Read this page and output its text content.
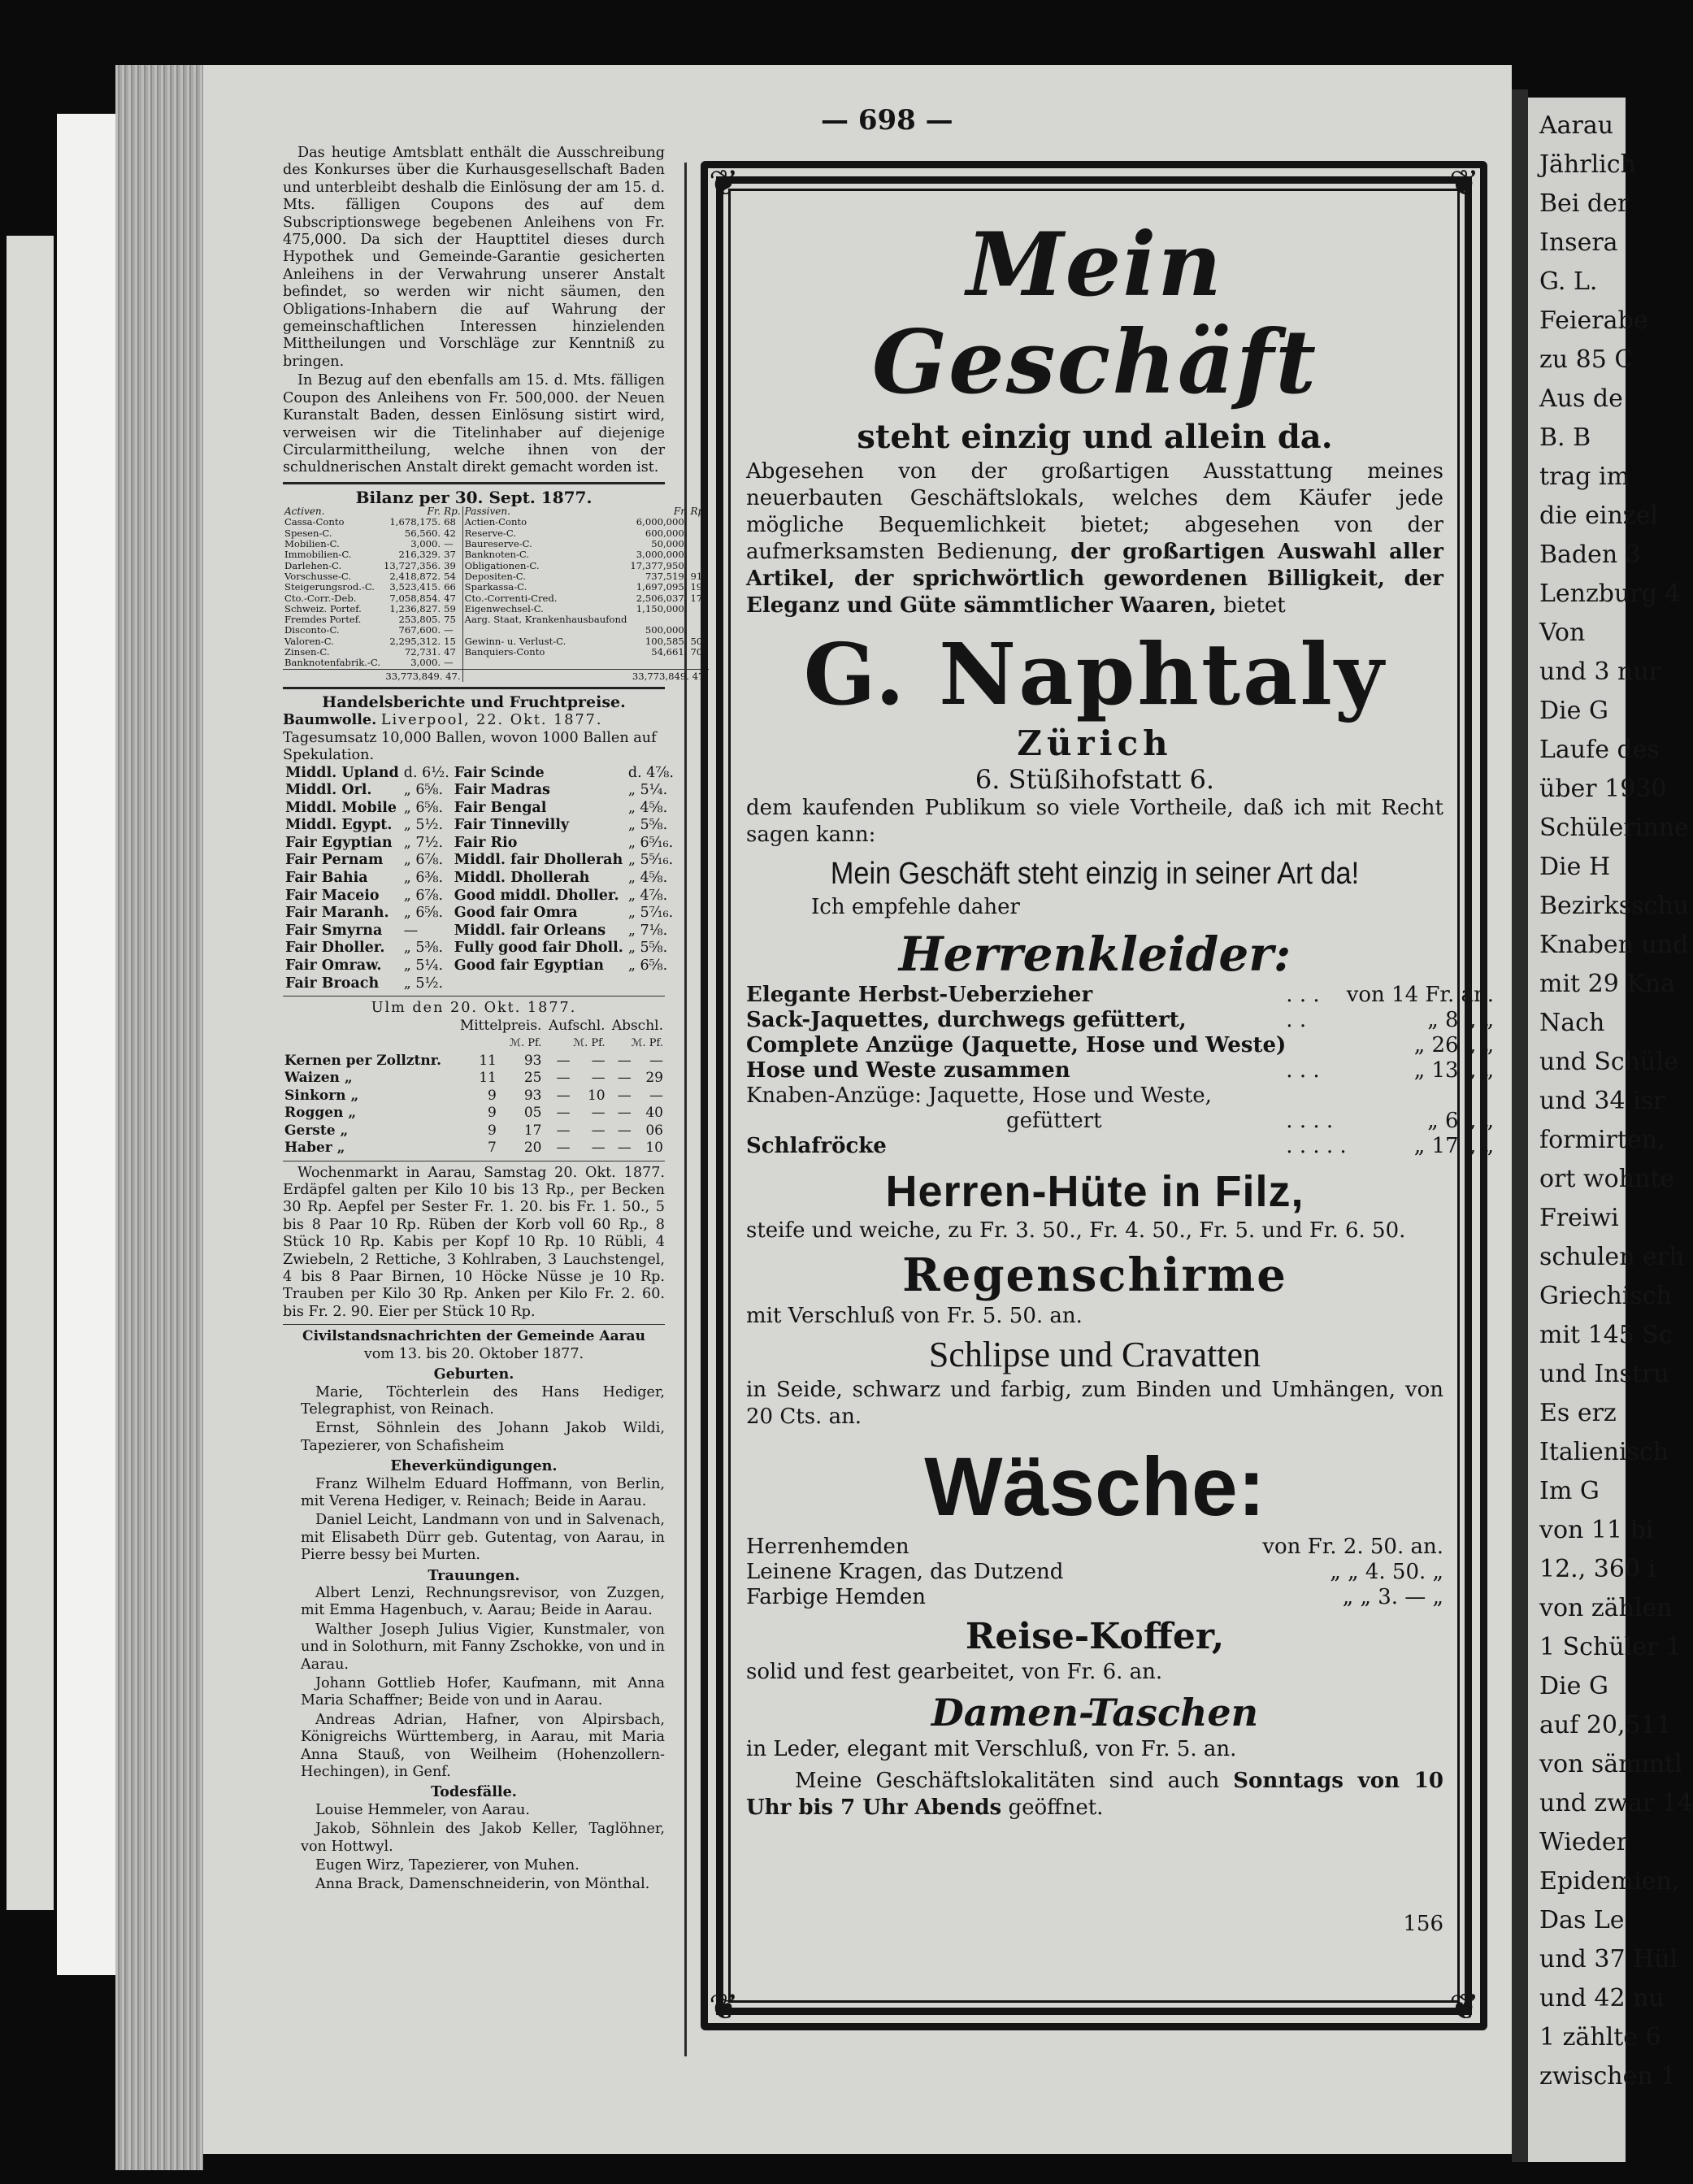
Aarau
Jährlich
Bei der
Insera
G. L.
Feierabe
zu 85 C
Aus de
B. B
trag im
die einzel
Baden 3
Lenzburg 4
Von
und 3 nur
Die G
Laufe des
über 1930
Schülerinne
Die H
Bezirksschu
Knaben und
mit 29 Kna
Nach
und Schüle
und 34 isr
formirten,
ort wohnte
Freiwi
schulen erh
Griechisch
mit 145 Sc
und Instru
Es erz
Italienisch
Im G
von 11 bi
12., 360 i
von zählen
1 Schüler 1
Die G
auf 20,511
von sämmtl
und zwar 14
Wieder
Epidemien,
Das Le
und 37 Hül
und 42 nu
1 zählte 6
zwischen 1
— 698 —

Das heutige Amtsblatt enthält die Ausschreibung des Konkurses über die Kurhausgesellschaft Baden und unterbleibt deshalb die Einlösung der am 15. d. Mts. fälligen Coupons des auf dem Subscriptionswege begebenen Anleihens von Fr. 475,000. Da sich der Haupttitel dieses durch Hypothek und Gemeinde-Garantie gesicherten Anleihens in der Verwahrung unserer Anstalt befindet, so werden wir nicht säumen, den Obligations-Inhabern die auf Wahrung der gemeinschaftlichen Interessen hinzielenden Mittheilungen und Vorschläge zur Kenntniß zu bringen.

In Bezug auf den ebenfalls am 15. d. Mts. fälligen Coupon des Anleihens von Fr. 500,000. der Neuen Kuranstalt Baden, dessen Einlösung sistirt wird, verweisen wir die Titelinhaber auf diejenige Circularmittheilung, welche ihnen von der schuldnerischen Anstalt direkt gemacht worden ist.

Bilanz per 30. Sept. 1877.
Activen.	Fr.	Rp.	Passiven.	Fr.	Rp.
Cassa-Conto	1,678,175.	68	Actien-Conto	6,000,000.	
Spesen-C.	56,560.	42	Reserve-C.	600,000.	
Mobilien-C.	3,000.	—	Baureserve-C.	50,000.	
Immobilien-C.	216,329.	37	Banknoten-C.	3,000,000.	
Darlehen-C.	13,727,356.	39	Obligationen-C.	17,377,950.	
Vorschusse-C.	2,418,872.	54	Depositen-C.	737,519.	91
Steigerungsrod.-C.	3,523,415.	66	Sparkassa-C.	1,697,095.	19
Cto.-Corr.-Deb.	7,058,854.	47	Cto.-Correnti-Cred.	2,506,037.	17
Schweiz. Portef.	1,236,827.	59	Eigenwechsel-C.	1,150,000.	
Fremdes Portef.	253,805.	75	Aarg. Staat, Krankenhausbaufond		
Disconto-C.	767,600.	—		500,000.	
Valoren-C.	2,295,312.	15	Gewinn- u. Verlust-C.	100,585.	50
Zinsen-C.	72,731.	47	Banquiers-Conto	54,661.	70
Banknotenfabrik.-C.	3,000.	—			
	33,773,849. 47.			33,773,849. 47.	
Handelsberichte und Fruchtpreise.
Baumwolle. Liverpool, 22. Okt. 1877.
Tagesumsatz 10,000 Ballen, wovon 1000 Ballen auf Spekulation.
Middl. Upland	d. 6½.	Fair Scinde	d. 4⅞.
Middl. Orl.	„ 6⅝.	Fair Madras	„ 5¼.
Middl. Mobile	„ 6⅝.	Fair Bengal	„ 4⅝.
Middl. Egypt.	„ 5½.	Fair Tinnevilly	„ 5⅝.
Fair Egyptian	„ 7½.	Fair Rio	„ 6⁵⁄₁₆.
Fair Pernam	„ 6⅞.	Middl. fair Dhollerah	„ 5⁵⁄₁₆.
Fair Bahia	„ 6⅜.	Middl. Dhollerah	„ 4⅝.
Fair Maceio	„ 6⅞.	Good middl. Dholler.	„ 4⅞.
Fair Maranh.	„ 6⅝.	Good fair Omra	„ 5⁷⁄₁₆.
Fair Smyrna	—	Middl. fair Orleans	„ 7⅛.
Fair Dholler.	„ 5⅜.	Fully good fair Dholl.	„ 5⅝.
Fair Omraw.	„ 5¼.	Good fair Egyptian	„ 6⅝.
Fair Broach	„ 5½.		
Ulm den 20. Okt. 1877.
	Mittelpreis.		Aufschl.		Abschl.	
	ℳ. Pf.		ℳ. Pf.		ℳ. Pf.	
Kernen per Zollztnr.	11	93	—	—	—	—
Waizen „	11	25	—	—	—	29
Sinkorn „	9	93	—	10	—	—
Roggen „	9	05	—	—	—	40
Gerste „	9	17	—	—	—	06
Haber „	7	20	—	—	—	10

Wochenmarkt in Aarau, Samstag 20. Okt. 1877. Erdäpfel galten per Kilo 10 bis 13 Rp., per Becken 30 Rp. Aepfel per Sester Fr. 1. 20. bis Fr. 1. 50., 5 bis 8 Paar 10 Rp. Rüben der Korb voll 60 Rp., 8 Stück 10 Rp. Kabis per Kopf 10 Rp. 10 Rübli, 4 Zwiebeln, 2 Rettiche, 3 Kohlraben, 3 Lauchstengel, 4 bis 8 Paar Birnen, 10 Höcke Nüsse je 10 Rp. Trauben per Kilo 30 Rp. Anken per Kilo Fr. 2. 60. bis Fr. 2. 90. Eier per Stück 10 Rp.

Civilstandsnachrichten der Gemeinde Aarau
vom 13. bis 20. Oktober 1877.
Geburten.

Marie, Töchterlein des Hans Hediger, Telegraphist, von Reinach.

Ernst, Söhnlein des Johann Jakob Wildi, Tapezierer, von Schafisheim

Eheverkündigungen.

Franz Wilhelm Eduard Hoffmann, von Berlin, mit Verena Hediger, v. Reinach; Beide in Aarau.

Daniel Leicht, Landmann von und in Salvenach, mit Elisabeth Dürr geb. Gutentag, von Aarau, in Pierre bessy bei Murten.

Trauungen.

Albert Lenzi, Rechnungsrevisor, von Zuzgen, mit Emma Hagenbuch, v. Aarau; Beide in Aarau.

Walther Joseph Julius Vigier, Kunstmaler, von und in Solothurn, mit Fanny Zschokke, von und in Aarau.

Johann Gottlieb Hofer, Kaufmann, mit Anna Maria Schaffner; Beide von und in Aarau.

Andreas Adrian, Hafner, von Alpirsbach, Königreichs Württemberg, in Aarau, mit Maria Anna Stauß, von Weilheim (Hohenzollern-Hechingen), in Genf.

Todesfälle.

Louise Hemmeler, von Aarau.

Jakob, Söhnlein des Jakob Keller, Taglöhner, von Hottwyl.

Eugen Wirz, Tapezierer, von Muhen.

Anna Brack, Damenschneiderin, von Mönthal.

❦	❦
❦	❦
Mein Geschäft
steht einzig und allein da.
Abgesehen von der großartigen Ausstattung meines neuerbauten Geschäftslokals, welches dem Käufer jede mögliche Bequemlichkeit bietet; abgesehen von der aufmerksamsten Bedienung, der großartigen Auswahl aller Artikel, der sprichwörtlich gewordenen Billigkeit, der Eleganz und Güte sämmtlicher Waaren, bietet
G. Naphtaly
Zürich
6. Stüßihofstatt 6.
dem kaufenden Publikum so viele Vortheile, daß ich mit Recht sagen kann:
Mein Geschäft steht einzig in seiner Art da!
Ich empfehle daher
Herrenkleider:
Elegante Herbst-Ueberzieher	. . .	von 14 Fr. an.
Sack-Jaquettes, durchwegs gefüttert,	. .	„ 8 „ „
Complete Anzüge (Jaquette, Hose und Weste)		„ 26 „ „
Hose und Weste zusammen	. . .	„ 13 „ „
Knaben-Anzüge: Jaquette, Hose und Weste,		
gefüttert	. . . .	„ 6 „ „
Schlafröcke	. . . . .	„ 17 „ „
Herren-Hüte in Filz,
steife und weiche, zu Fr. 3. 50., Fr. 4. 50., Fr. 5. und Fr. 6. 50.
Regenschirme
mit Verschluß von Fr. 5. 50. an.
Schlipse und Cravatten
in Seide, schwarz und farbig, zum Binden und Umhängen, von 20 Cts. an.
Wäsche:
Herrenhemden		von Fr. 2. 50. an.
Leinene Kragen, das Dutzend		„ „ 4. 50. „
Farbige Hemden		„ „ 3. — „
Reise-Koffer,
solid und fest gearbeitet, von Fr. 6. an.
Damen-Taschen
in Leder, elegant mit Verschluß, von Fr. 5. an.
Meine Geschäftslokalitäten sind auch Sonntags von 10 Uhr bis 7 Uhr Abends geöffnet.
156
